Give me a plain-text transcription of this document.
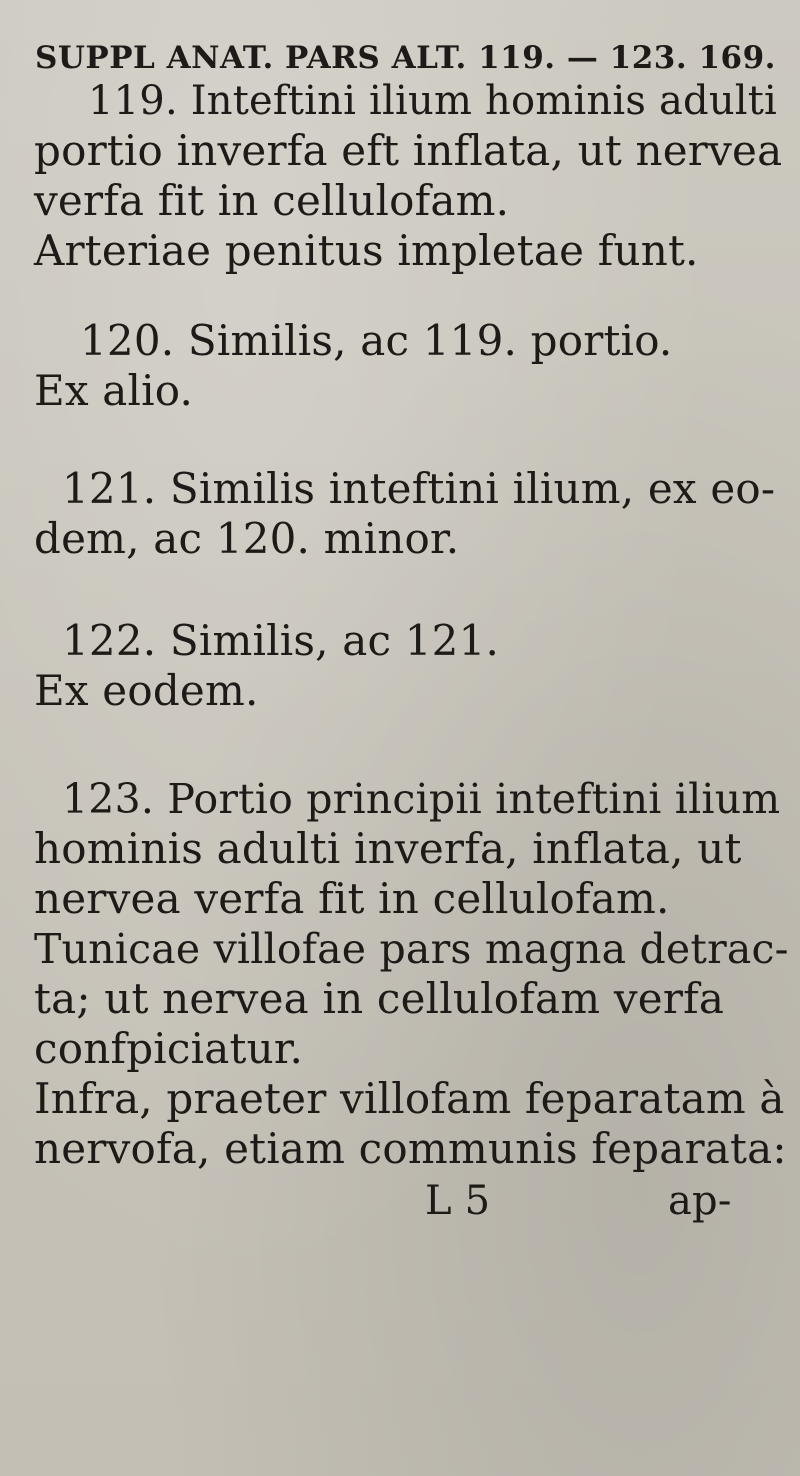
SUPPL ANAT. PARS ALT. 119. — 123. 169.
119. Inteftini ilium hominis adulti
portio inverfa eft inflata, ut nervea
verfa fit in cellulofam.
Arteriae penitus impletae funt.
120. Similis, ac 119. portio.
Ex alio.
121. Similis inteftini ilium, ex eo-
dem, ac 120. minor.
122. Similis, ac 121.
Ex eodem.
123. Portio principii inteftini ilium
hominis adulti inverfa, inflata, ut
nervea verfa fit in cellulofam.
Tunicae villofae pars magna detrac-
ta; ut nervea in cellulofam verfa
confpiciatur.
Infra, praeter villofam feparatam à
nervofa, etiam communis feparata:
L 5	ap-
